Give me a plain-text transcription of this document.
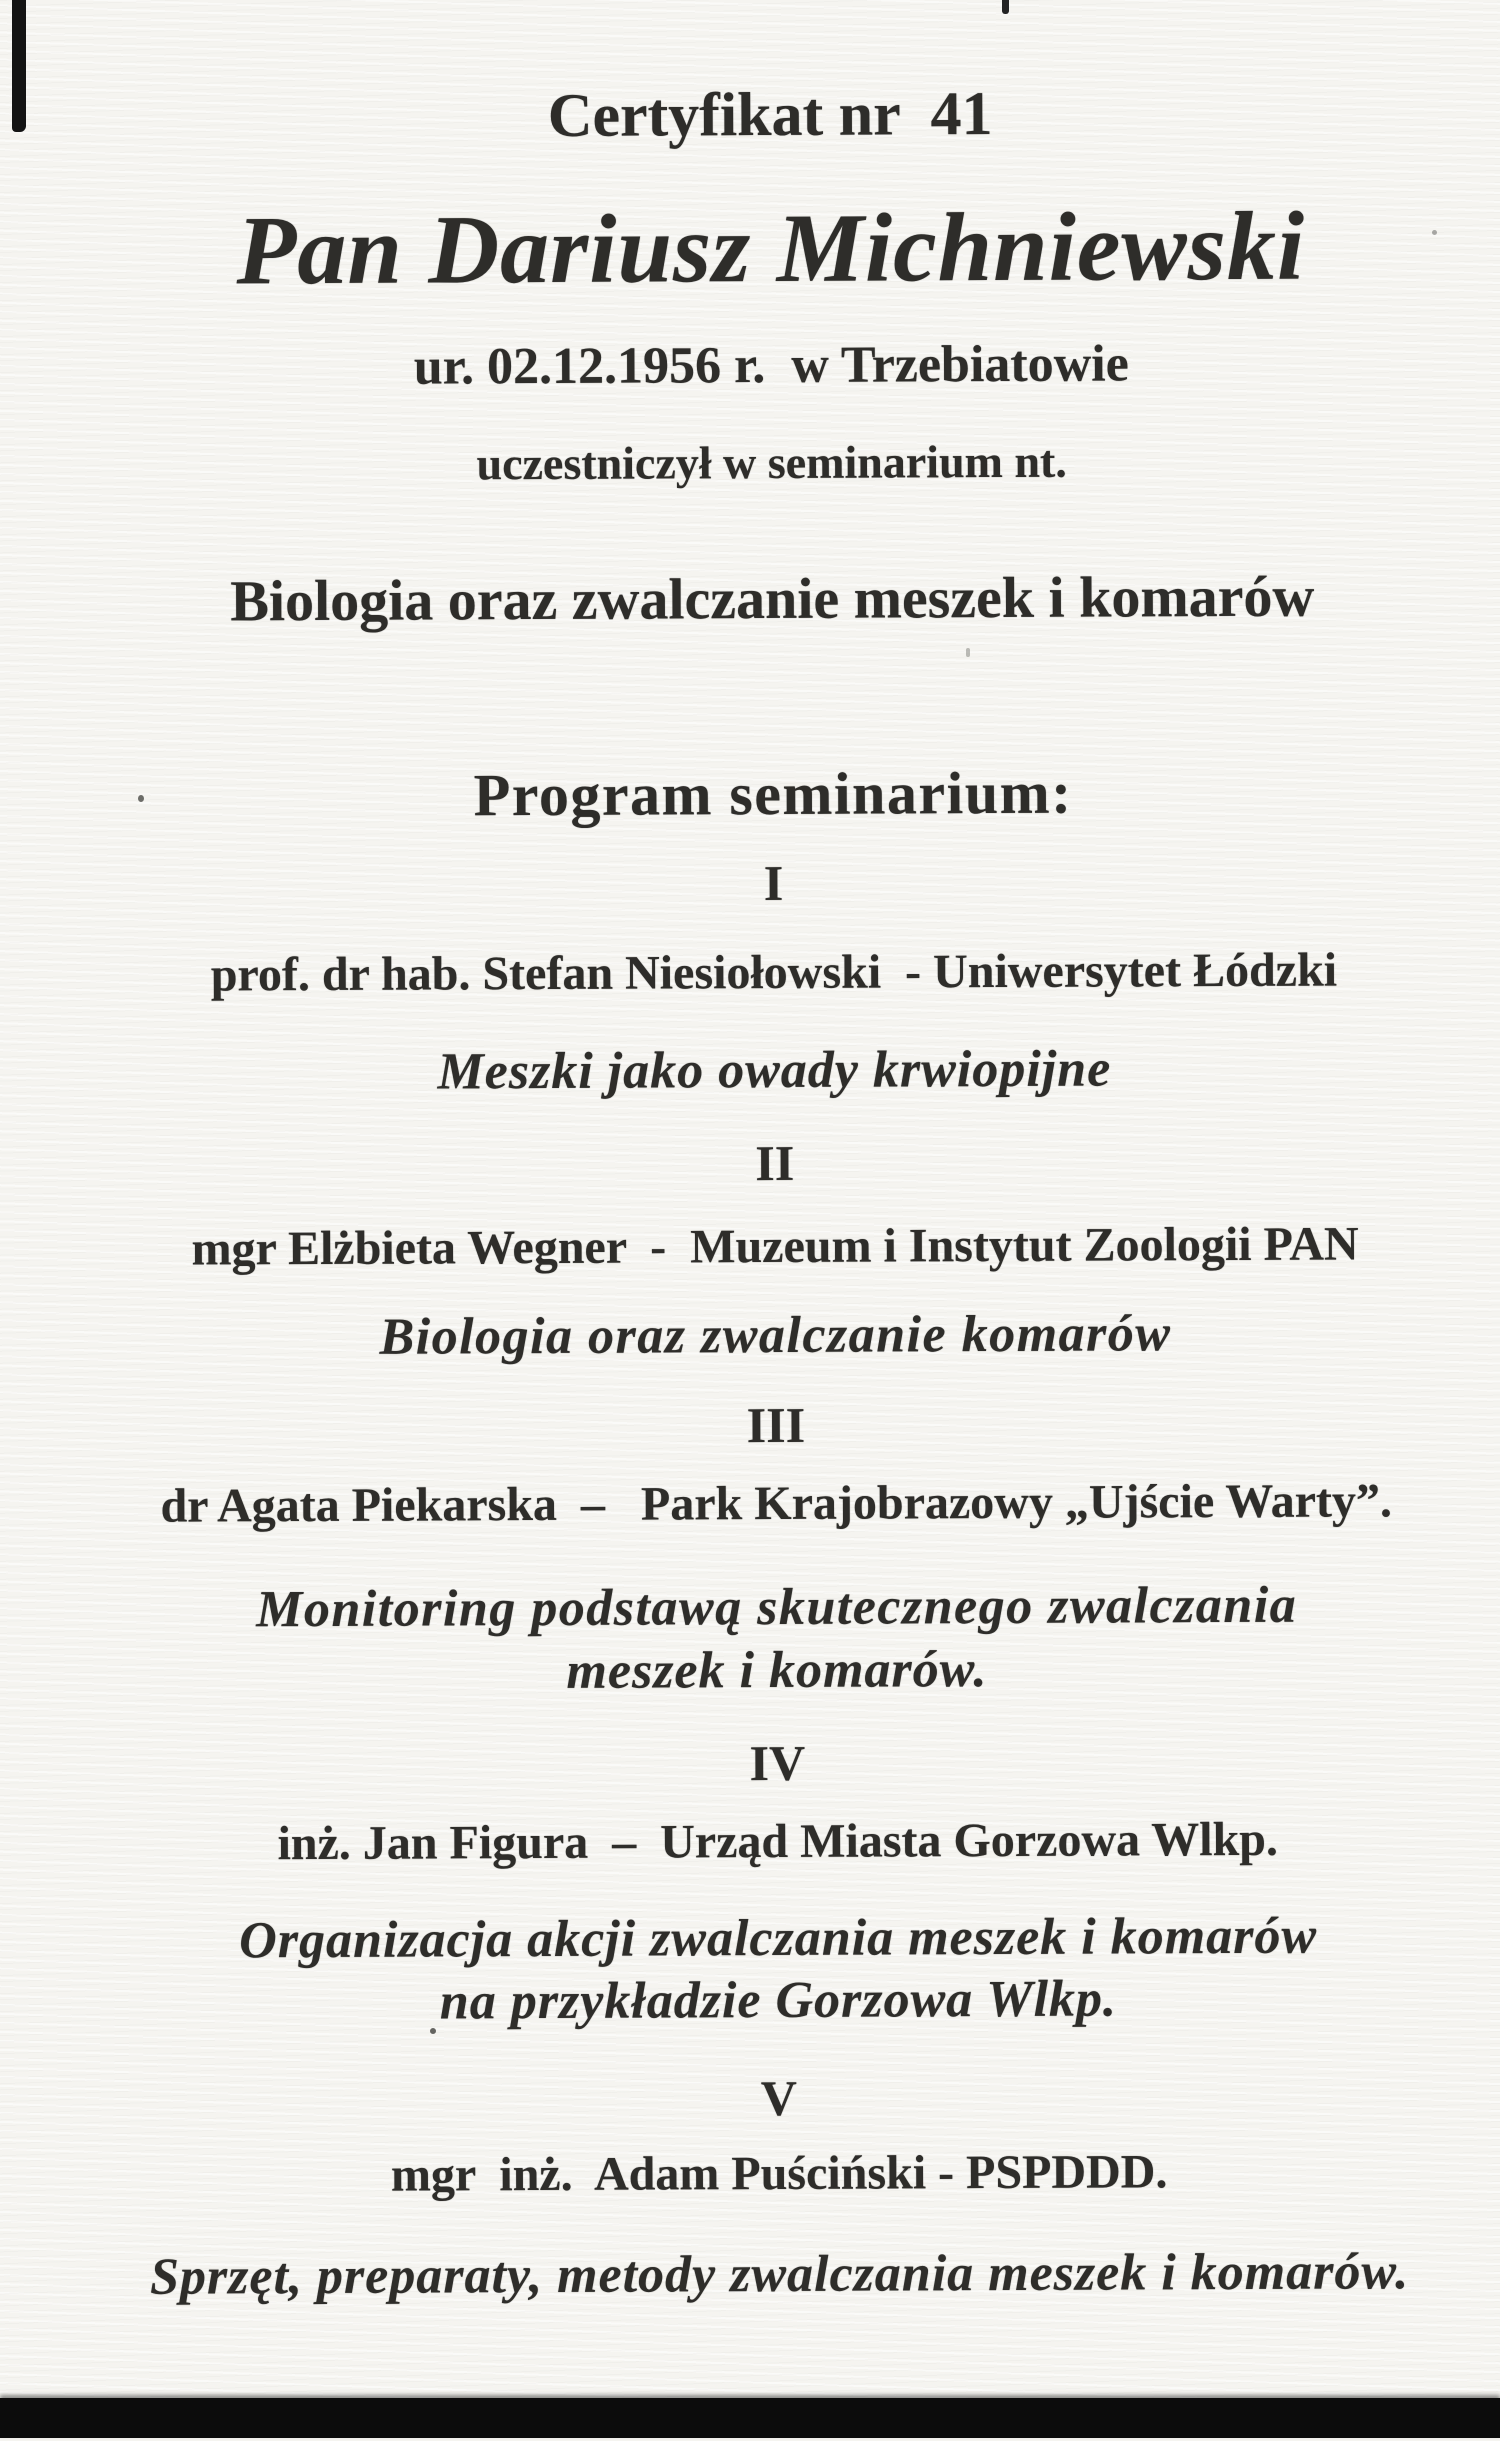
Certyfikat nr  41
Pan Dariusz Michniewski
ur. 02.12.1956 r.  w Trzebiatowie
uczestniczył w seminarium nt.
Biologia oraz zwalczanie meszek i komarów
Program seminarium:
I
prof. dr hab. Stefan Niesiołowski  - Uniwersytet Łódzki
Meszki jako owady krwiopijne
II
mgr Elżbieta Wegner  -  Muzeum i Instytut Zoologii PAN
Biologia oraz zwalczanie komarów
III
dr Agata Piekarska  –   Park Krajobrazowy „Ujście Warty”.
Monitoring podstawą skutecznego zwalczania
meszek i komarów.
IV
inż. Jan Figura  –  Urząd Miasta Gorzowa Wlkp.
Organizacja akcji zwalczania meszek i komarów
na przykładzie Gorzowa Wlkp.
V
mgr  inż.  Adam Puściński - PSPDDD.
Sprzęt, preparaty, metody zwalczania meszek i komarów.
